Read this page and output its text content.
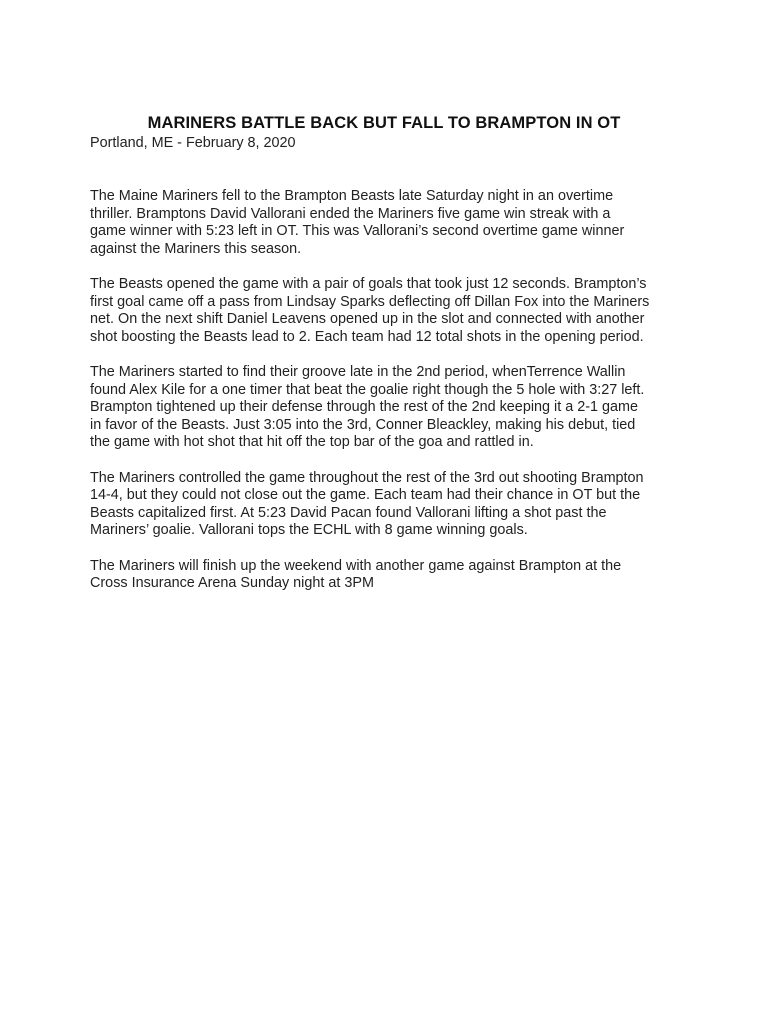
MARINERS BATTLE BACK BUT FALL TO BRAMPTON IN OT

Portland, ME - February 8, 2020

The Maine Mariners fell to the Brampton Beasts late Saturday night in an overtime
thriller. Bramptons David Vallorani ended the Mariners five game win streak with a
game winner with 5:23 left in OT. This was Vallorani’s second overtime game winner
against the Mariners this season.

The Beasts opened the game with a pair of goals that took just 12 seconds. Brampton’s
first goal came off a pass from Lindsay Sparks deflecting off Dillan Fox into the Mariners
net. On the next shift Daniel Leavens opened up in the slot and connected with another
shot boosting the Beasts lead to 2. Each team had 12 total shots in the opening period.

The Mariners started to find their groove late in the 2nd period, whenTerrence Wallin
found Alex Kile for a one timer that beat the goalie right though the 5 hole with 3:27 left.
Brampton tightened up their defense through the rest of the 2nd keeping it a 2-1 game
in favor of the Beasts. Just 3:05 into the 3rd, Conner Bleackley, making his debut, tied
the game with hot shot that hit off the top bar of the goa and rattled in.

The Mariners controlled the game throughout the rest of the 3rd out shooting Brampton
14-4, but they could not close out the game. Each team had their chance in OT but the
Beasts capitalized first. At 5:23 David Pacan found Vallorani lifting a shot past the
Mariners’ goalie. Vallorani tops the ECHL with 8 game winning goals.

The Mariners will finish up the weekend with another game against Brampton at the
Cross Insurance Arena Sunday night at 3PM
